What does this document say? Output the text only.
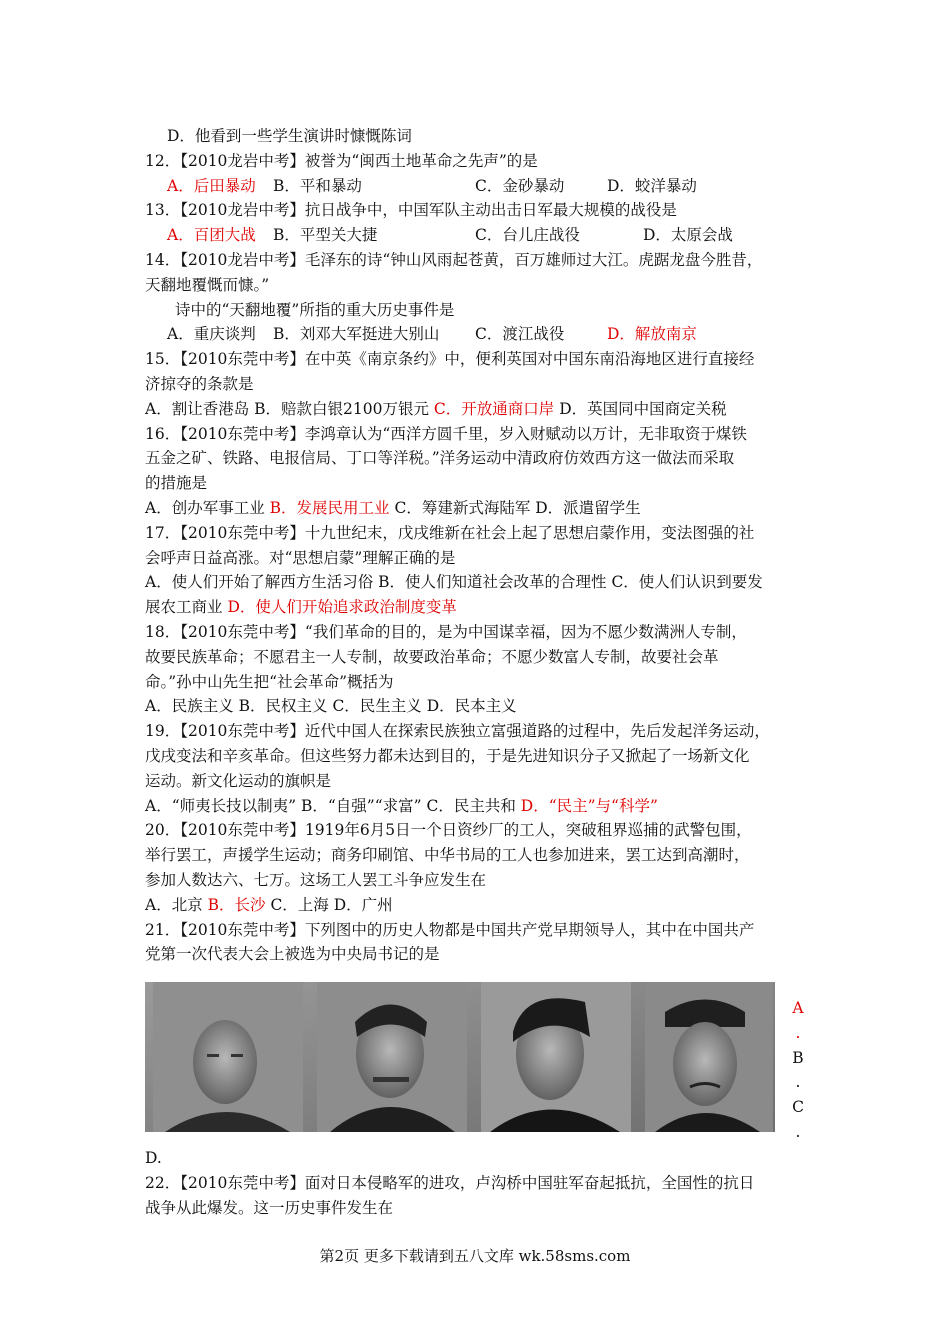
D．他看到一些学生演讲时慷慨陈词
12．【2010龙岩中考】被誉为“闽西土地革命之先声”的是
A．后田暴动 B．平和暴动	C．金砂暴动	D．蛟洋暴动
13．【2010龙岩中考】抗日战争中，中国军队主动出击日军最大规模的战役是
A．百团大战 B．平型关大捷	C．台儿庄战役	D．太原会战
14．【2010龙岩中考】毛泽东的诗“钟山风雨起苍黄，百万雄师过大江。虎踞龙盘今胜昔，
天翻地覆慨而慷。”
诗中的“天翻地覆”所指的重大历史事件是
A．重庆谈判 B．刘邓大军挺进大别山 C．渡江战役	D．解放南京
15．【2010东莞中考】在中英《南京条约》中，便利英国对中国东南沿海地区进行直接经
济掠夺的条款是
A．割让香港岛 B．赔款白银2100万银元 C．开放通商口岸 D．英国同中国商定关税
16．【2010东莞中考】李鸿章认为“西洋方圆千里，岁入财赋动以万计，无非取资于煤铁
五金之矿、铁路、电报信局、丁口等洋税。”洋务运动中清政府仿效西方这一做法而采取
的措施是
A．创办军事工业 B．发展民用工业 C．筹建新式海陆军 D．派遣留学生
17．【2010东莞中考】十九世纪末，戊戌维新在社会上起了思想启蒙作用，变法图强的社
会呼声日益高涨。对“思想启蒙”理解正确的是
A．使人们开始了解西方生活习俗 B．使人们知道社会改革的合理性 C．使人们认识到要发
展农工商业 D．使人们开始追求政治制度变革
18．【2010东莞中考】“我们革命的目的，是为中国谋幸福，因为不愿少数满洲人专制，
故要民族革命；不愿君主一人专制，故要政治革命；不愿少数富人专制，故要社会革
命。”孙中山先生把“社会革命”概括为
A．民族主义 B．民权主义 C．民生主义 D．民本主义
19．【2010东莞中考】近代中国人在探索民族独立富强道路的过程中，先后发起洋务运动，
戊戌变法和辛亥革命。但这些努力都未达到目的，于是先进知识分子又掀起了一场新文化
运动。新文化运动的旗帜是
A．“师夷长技以制夷” B．“自强”“求富” C．民主共和 D．“民主”与“科学”
20．【2010东莞中考】1919年6月5日一个日资纱厂的工人，突破租界巡捕的武警包围，
举行罢工，声援学生运动；商务印刷馆、中华书局的工人也参加进来，罢工达到高潮时，
参加人数达六、七万。这场工人罢工斗争应发生在
A．北京 B．长沙 C．上海 D．广州
21．【2010东莞中考】下列图中的历史人物都是中国共产党早期领导人，其中在中国共产
党第一次代表大会上被选为中央局书记的是
A
.
B
.
C
.
D.
22．【2010东莞中考】面对日本侵略军的进攻，卢沟桥中国驻军奋起抵抗，全国性的抗日
战争从此爆发。这一历史事件发生在
第2页 更多下载请到五八文库 wk.58sms.com
